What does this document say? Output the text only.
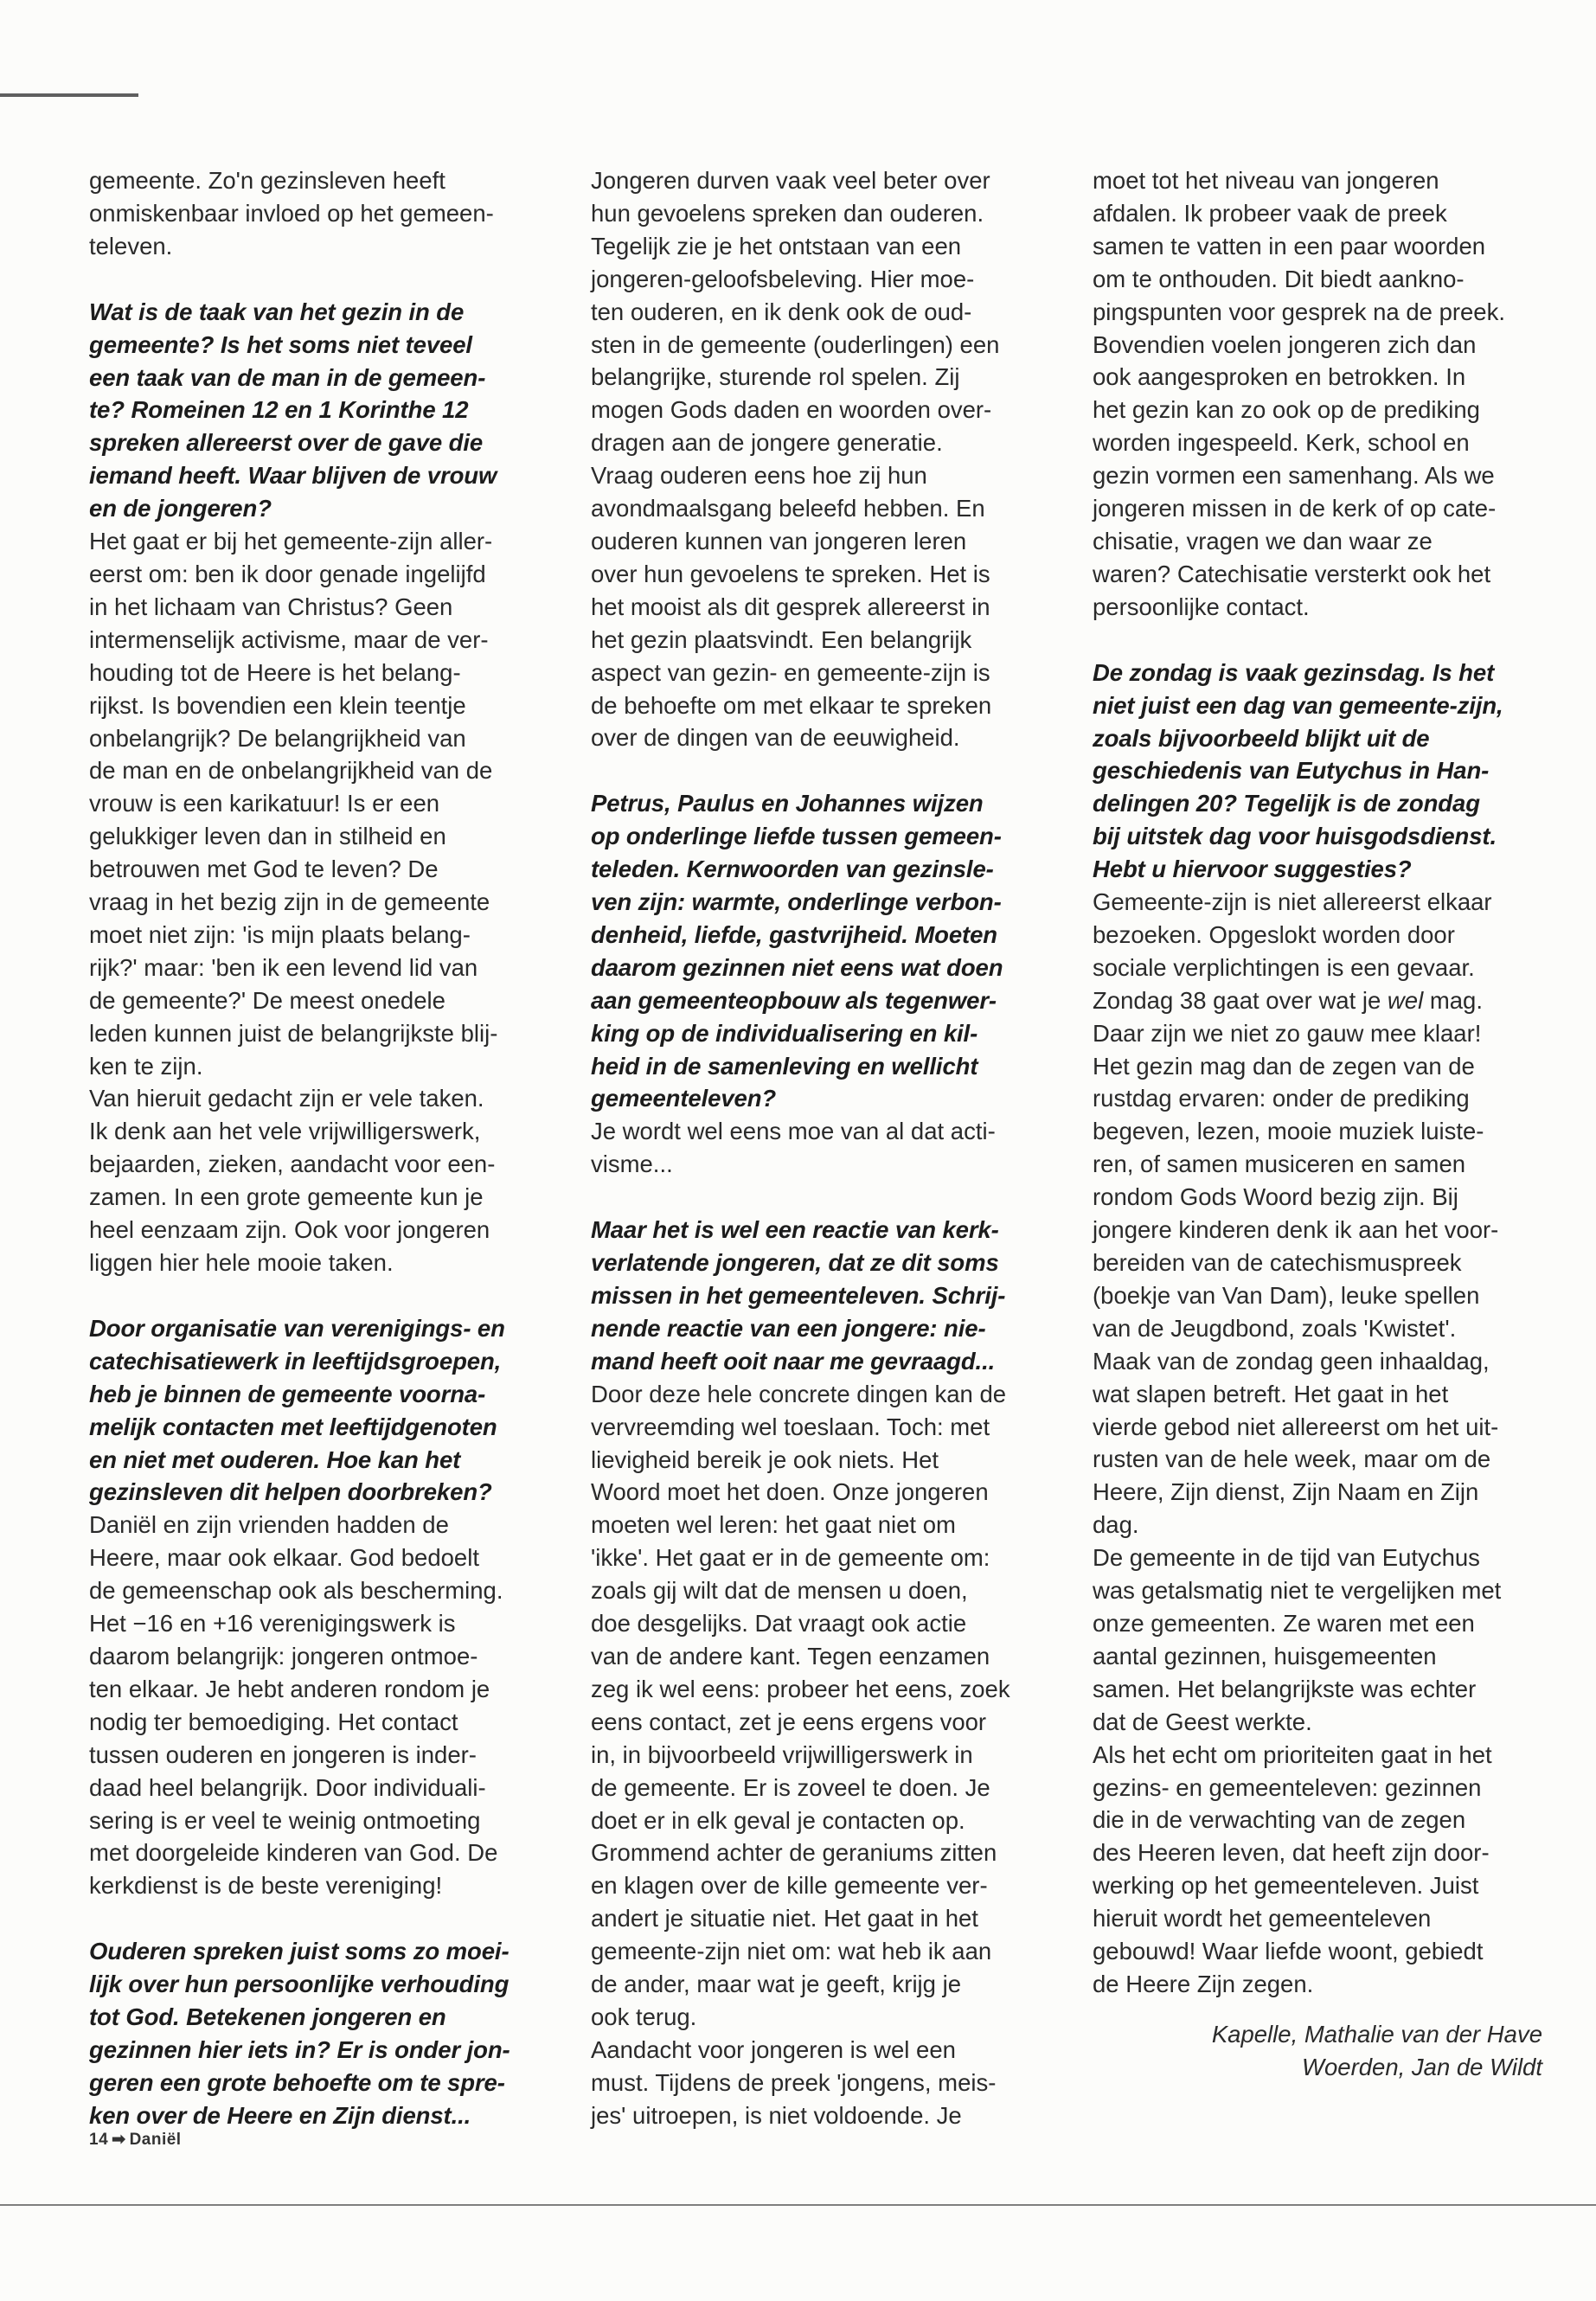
gemeente. Zo'n gezinsleven heeft
onmiskenbaar invloed op het gemeen-
televen.

Wat is de taak van het gezin in de
gemeente? Is het soms niet teveel
een taak van de man in de gemeen-
te? Romeinen 12 en 1 Korinthe 12
spreken allereerst over de gave die
iemand heeft. Waar blijven de vrouw
en de jongeren?

Het gaat er bij het gemeente-zijn aller-
eerst om: ben ik door genade ingelijfd
in het lichaam van Christus? Geen
intermenselijk activisme, maar de ver-
houding tot de Heere is het belang-
rijkst. Is bovendien een klein teentje
onbelangrijk? De belangrijkheid van
de man en de onbelangrijkheid van de
vrouw is een karikatuur! Is er een
gelukkiger leven dan in stilheid en
betrouwen met God te leven? De
vraag in het bezig zijn in de gemeente
moet niet zijn: 'is mijn plaats belang-
rijk?' maar: 'ben ik een levend lid van
de gemeente?' De meest onedele
leden kunnen juist de belangrijkste blij-
ken te zijn.

Van hieruit gedacht zijn er vele taken.
Ik denk aan het vele vrijwilligerswerk,
bejaarden, zieken, aandacht voor een-
zamen. In een grote gemeente kun je
heel eenzaam zijn. Ook voor jongeren
liggen hier hele mooie taken.

Door organisatie van verenigings- en
catechisatiewerk in leeftijdsgroepen,
heb je binnen de gemeente voorna-
melijk contacten met leeftijdgenoten
en niet met ouderen. Hoe kan het
gezinsleven dit helpen doorbreken?

Daniël en zijn vrienden hadden de
Heere, maar ook elkaar. God bedoelt
de gemeenschap ook als bescherming.
Het −16 en +16 verenigingswerk is
daarom belangrijk: jongeren ontmoe-
ten elkaar. Je hebt anderen rondom je
nodig ter bemoediging. Het contact
tussen ouderen en jongeren is inder-
daad heel belangrijk. Door individuali-
sering is er veel te weinig ontmoeting
met doorgeleide kinderen van God. De
kerkdienst is de beste vereniging!

Ouderen spreken juist soms zo moei-
lijk over hun persoonlijke verhouding
tot God. Betekenen jongeren en
gezinnen hier iets in? Er is onder jon-
geren een grote behoefte om te spre-
ken over de Heere en Zijn dienst...

Jongeren durven vaak veel beter over
hun gevoelens spreken dan ouderen.
Tegelijk zie je het ontstaan van een
jongeren-geloofsbeleving. Hier moe-
ten ouderen, en ik denk ook de oud-
sten in de gemeente (ouderlingen) een
belangrijke, sturende rol spelen. Zij
mogen Gods daden en woorden over-
dragen aan de jongere generatie.
Vraag ouderen eens hoe zij hun
avondmaalsgang beleefd hebben. En
ouderen kunnen van jongeren leren
over hun gevoelens te spreken. Het is
het mooist als dit gesprek allereerst in
het gezin plaatsvindt. Een belangrijk
aspect van gezin- en gemeente-zijn is
de behoefte om met elkaar te spreken
over de dingen van de eeuwigheid.

Petrus, Paulus en Johannes wijzen
op onderlinge liefde tussen gemeen-
teleden. Kernwoorden van gezinsle-
ven zijn: warmte, onderlinge verbon-
denheid, liefde, gastvrijheid. Moeten
daarom gezinnen niet eens wat doen
aan gemeenteopbouw als tegenwer-
king op de individualisering en kil-
heid in de samenleving en wellicht
gemeenteleven?

Je wordt wel eens moe van al dat acti-
visme...

Maar het is wel een reactie van kerk-
verlatende jongeren, dat ze dit soms
missen in het gemeenteleven. Schrij-
nende reactie van een jongere: nie-
mand heeft ooit naar me gevraagd...

Door deze hele concrete dingen kan de
vervreemding wel toeslaan. Toch: met
lievigheid bereik je ook niets. Het
Woord moet het doen. Onze jongeren
moeten wel leren: het gaat niet om
'ikke'. Het gaat er in de gemeente om:
zoals gij wilt dat de mensen u doen,
doe desgelijks. Dat vraagt ook actie
van de andere kant. Tegen eenzamen
zeg ik wel eens: probeer het eens, zoek
eens contact, zet je eens ergens voor
in, in bijvoorbeeld vrijwilligerswerk in
de gemeente. Er is zoveel te doen. Je
doet er in elk geval je contacten op.
Grommend achter de geraniums zitten
en klagen over de kille gemeente ver-
andert je situatie niet. Het gaat in het
gemeente-zijn niet om: wat heb ik aan
de ander, maar wat je geeft, krijg je
ook terug.

Aandacht voor jongeren is wel een
must. Tijdens de preek 'jongens, meis-
jes' uitroepen, is niet voldoende. Je

moet tot het niveau van jongeren
afdalen. Ik probeer vaak de preek
samen te vatten in een paar woorden
om te onthouden. Dit biedt aankno-
pingspunten voor gesprek na de preek.
Bovendien voelen jongeren zich dan
ook aangesproken en betrokken. In
het gezin kan zo ook op de prediking
worden ingespeeld. Kerk, school en
gezin vormen een samenhang. Als we
jongeren missen in de kerk of op cate-
chisatie, vragen we dan waar ze
waren? Catechisatie versterkt ook het
persoonlijke contact.

De zondag is vaak gezinsdag. Is het
niet juist een dag van gemeente-zijn,
zoals bijvoorbeeld blijkt uit de
geschiedenis van Eutychus in Han-
delingen 20? Tegelijk is de zondag
bij uitstek dag voor huisgodsdienst.
Hebt u hiervoor suggesties?

Gemeente-zijn is niet allereerst elkaar
bezoeken. Opgeslokt worden door
sociale verplichtingen is een gevaar.
Zondag 38 gaat over wat je wel mag.
Daar zijn we niet zo gauw mee klaar!
Het gezin mag dan de zegen van de
rustdag ervaren: onder de prediking
begeven, lezen, mooie muziek luiste-
ren, of samen musiceren en samen
rondom Gods Woord bezig zijn. Bij
jongere kinderen denk ik aan het voor-
bereiden van de catechismuspreek
(boekje van Van Dam), leuke spellen
van de Jeugdbond, zoals 'Kwistet'.
Maak van de zondag geen inhaaldag,
wat slapen betreft. Het gaat in het
vierde gebod niet allereerst om het uit-
rusten van de hele week, maar om de
Heere, Zijn dienst, Zijn Naam en Zijn
dag.

De gemeente in de tijd van Eutychus
was getalsmatig niet te vergelijken met
onze gemeenten. Ze waren met een
aantal gezinnen, huisgemeenten
samen. Het belangrijkste was echter
dat de Geest werkte.

Als het echt om prioriteiten gaat in het
gezins- en gemeenteleven: gezinnen
die in de verwachting van de zegen
des Heeren leven, dat heeft zijn door-
werking op het gemeenteleven. Juist
hieruit wordt het gemeenteleven
gebouwd! Waar liefde woont, gebiedt
de Heere Zijn zegen.

Kapelle, Mathalie van der Have
Woerden, Jan de Wildt

14 ➡ Daniël
